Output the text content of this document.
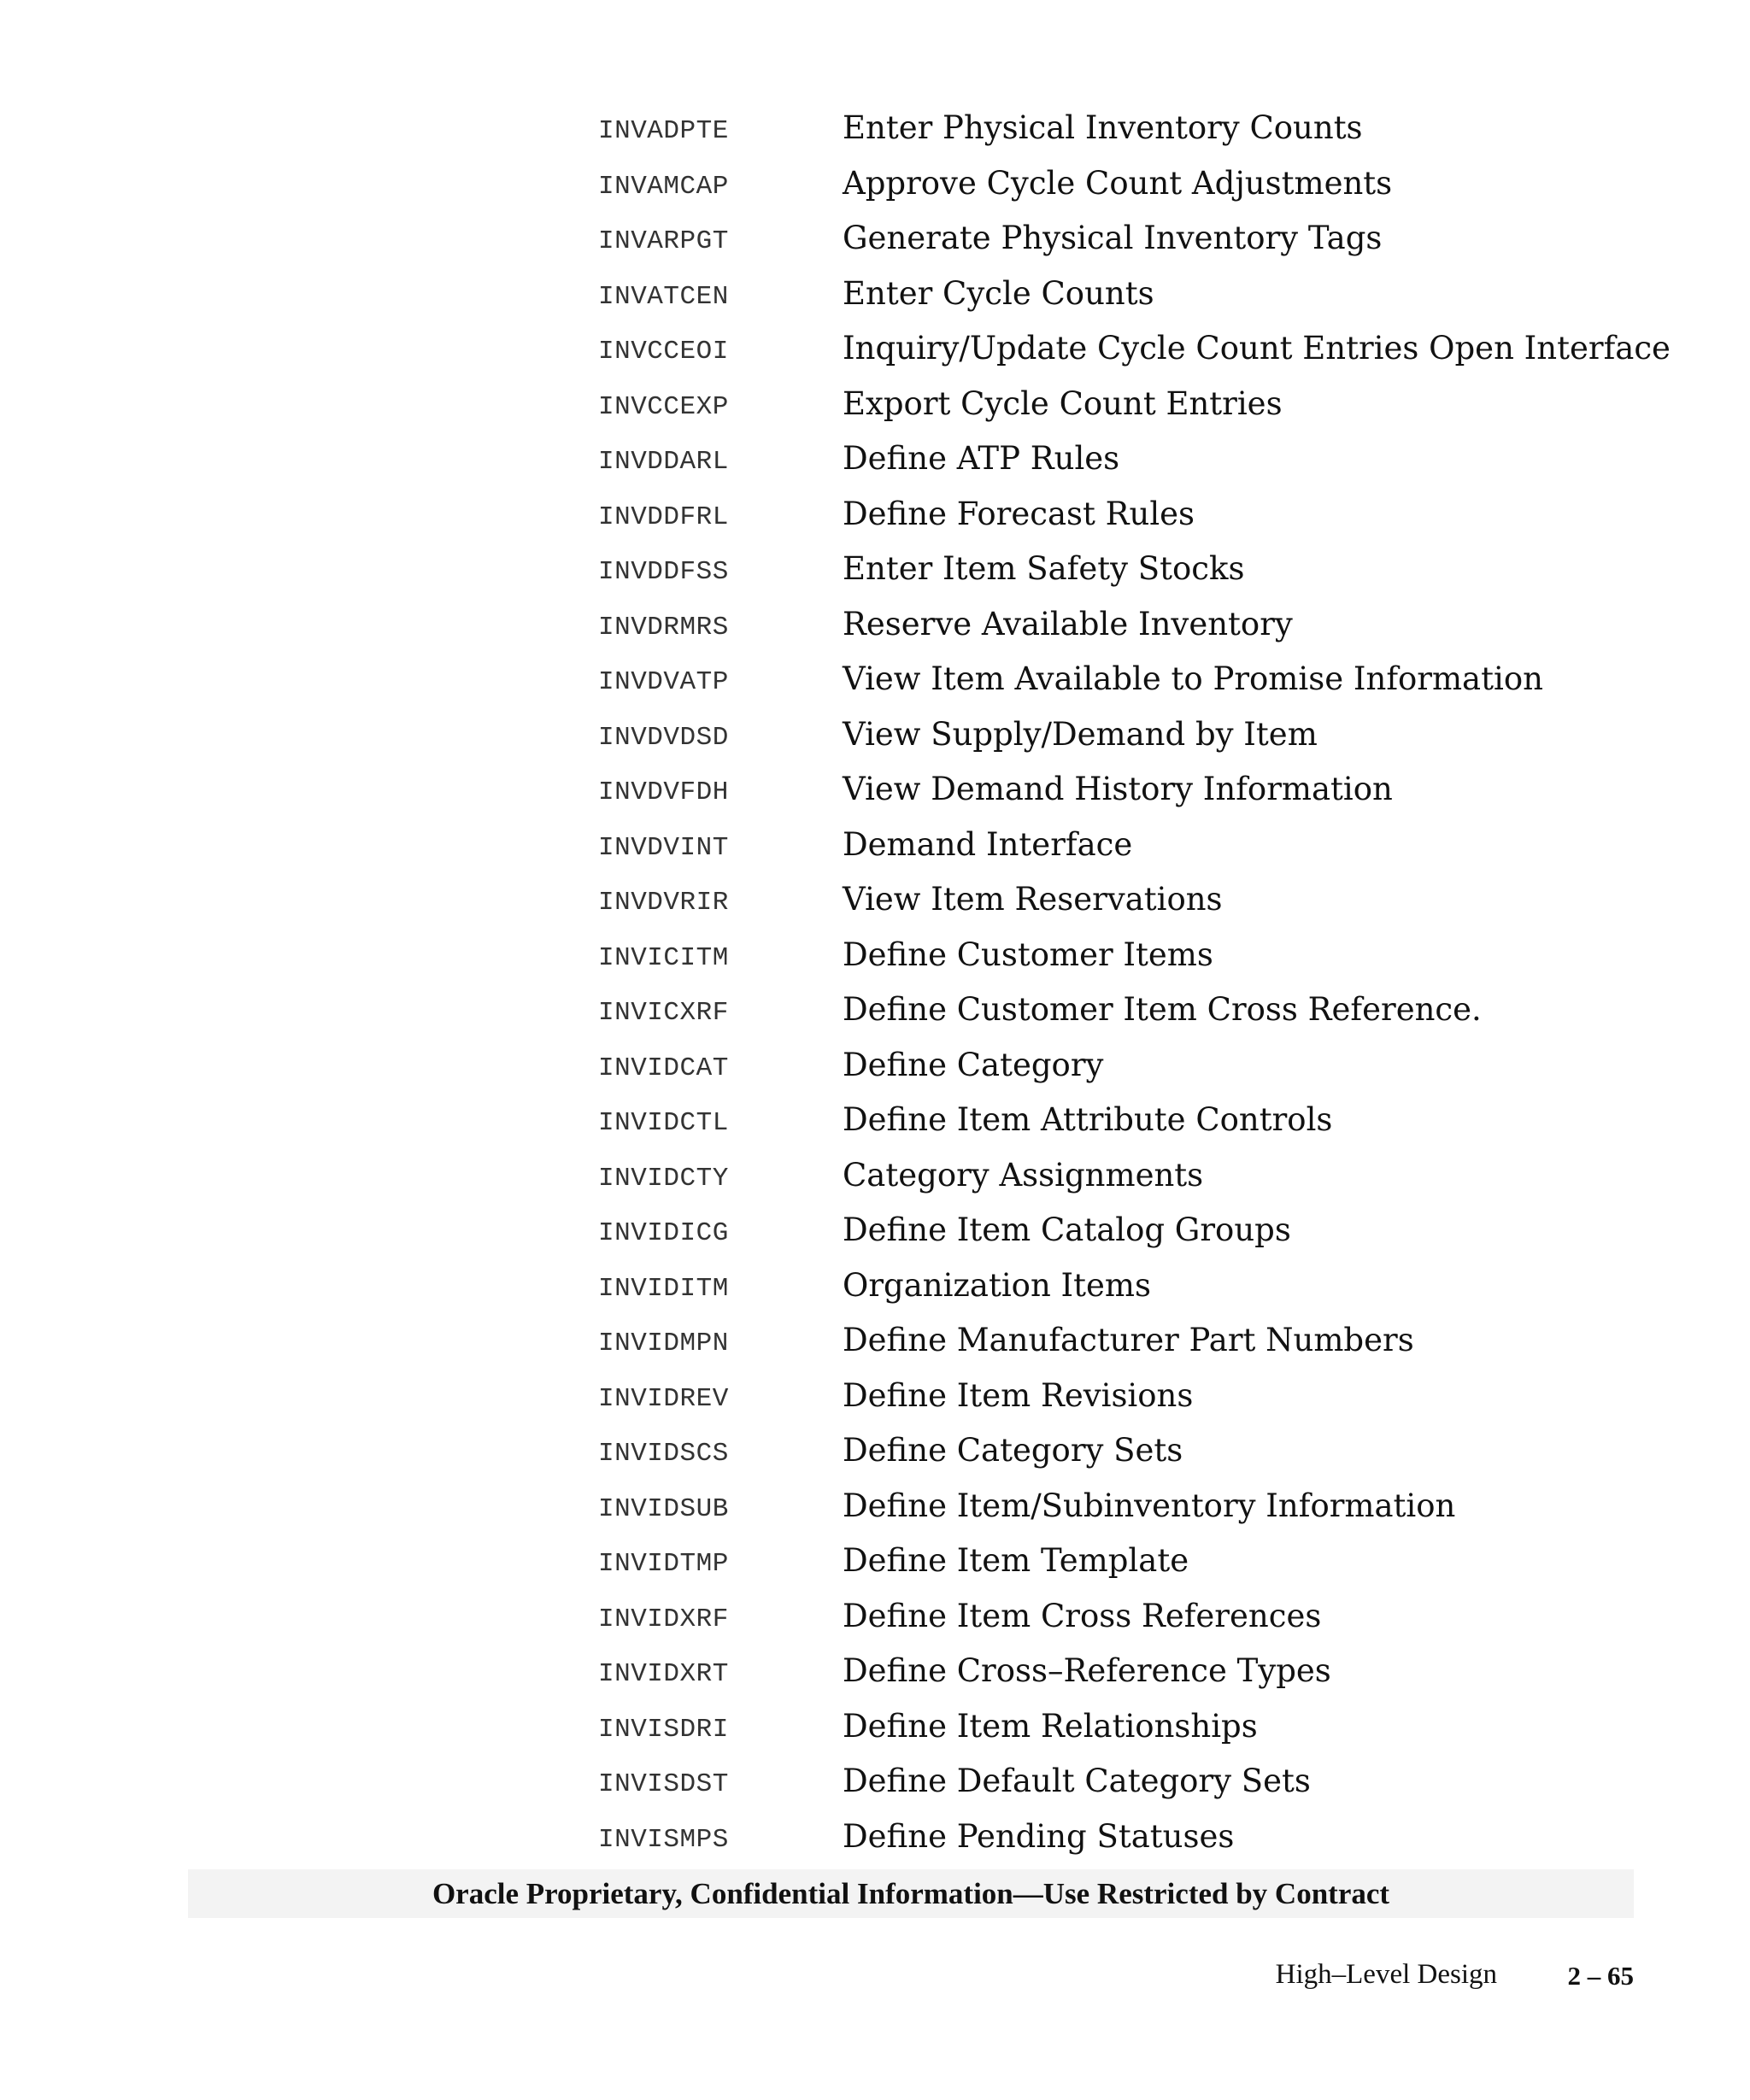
INVADPTE	Enter Physical Inventory Counts
INVAMCAP	Approve Cycle Count Adjustments
INVARPGT	Generate Physical Inventory Tags
INVATCEN	Enter Cycle Counts
INVCCEOI	Inquiry/Update Cycle Count Entries Open Interface
INVCCEXP	Export Cycle Count Entries
INVDDARL	Define ATP Rules
INVDDFRL	Define Forecast Rules
INVDDFSS	Enter Item Safety Stocks
INVDRMRS	Reserve Available Inventory
INVDVATP	View Item Available to Promise Information
INVDVDSD	View Supply/Demand by Item
INVDVFDH	View Demand History Information
INVDVINT	Demand Interface
INVDVRIR	View Item Reservations
INVICITM	Define Customer Items
INVICXRF	Define Customer Item Cross Reference.
INVIDCAT	Define Category
INVIDCTL	Define Item Attribute Controls
INVIDCTY	Category Assignments
INVIDICG	Define Item Catalog Groups
INVIDITM	Organization Items
INVIDMPN	Define Manufacturer Part Numbers
INVIDREV	Define Item Revisions
INVIDSCS	Define Category Sets
INVIDSUB	Define Item/Subinventory Information
INVIDTMP	Define Item Template
INVIDXRF	Define Item Cross References
INVIDXRT	Define Cross–Reference Types
INVISDRI	Define Item Relationships
INVISDST	Define Default Category Sets
INVISMPS	Define Pending Statuses
Oracle Proprietary, Confidential Information––Use Restricted by Contract
High–Level Design	2 – 65
